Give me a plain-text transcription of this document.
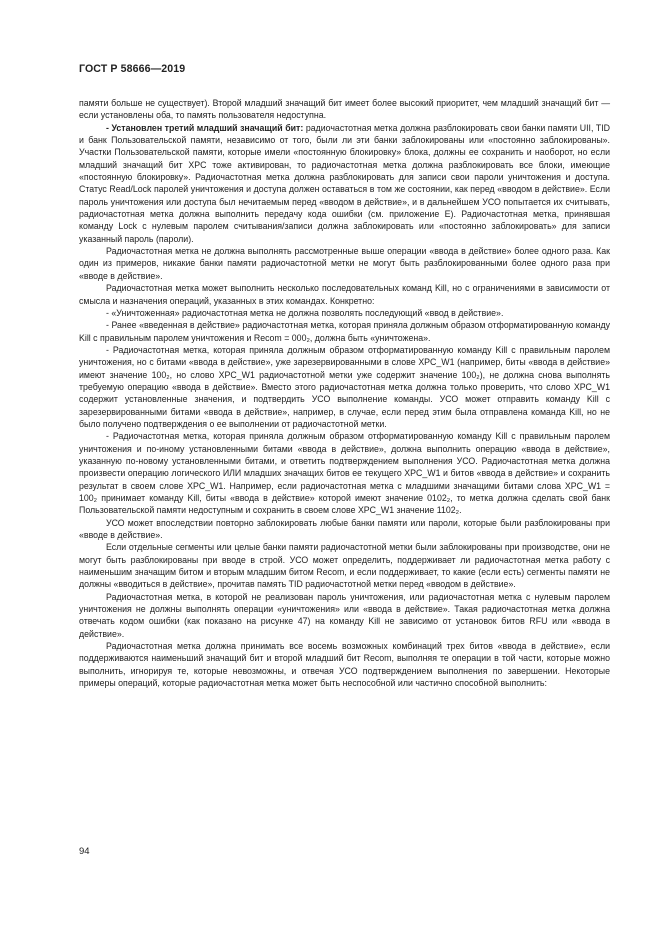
ГОСТ Р 58666—2019

памяти больше не существует). Второй младший значащий бит имеет более высокий приоритет, чем младший значащий бит — если установлены оба, то память пользователя недоступна.

- Установлен третий младший значащий бит: радиочастотная метка должна разблокировать свои банки памяти UII, TID и банк Пользовательской памяти, независимо от того, были ли эти банки заблокированы или «постоянно заблокированы». Участки Пользовательской памяти, которые имели «постоянную блокировку» блока, должны ее сохранить и наоборот, но если младший значащий бит XPC тоже активирован, то радиочастотная метка должна разблокировать все блоки, имеющие «постоянную блокировку». Радиочастотная метка должна разблокировать для записи свои пароли уничтожения и доступа. Статус Read/Lock паролей уничтожения и доступа должен оставаться в том же состоянии, как перед «вводом в действие». Если пароль уничтожения или доступа был нечитаемым перед «вводом в действие», и в дальнейшем УСО попытается их считывать, радиочастотная метка должна выполнить передачу кода ошибки (см. приложение Е). Радиочастотная метка, принявшая команду Lock с нулевым паролем считывания/записи должна заблокировать или «постоянно заблокировать» для записи указанный пароль (пароли).

Радиочастотная метка не должна выполнять рассмотренные выше операции «ввода в действие» более одного раза. Как один из примеров, никакие банки памяти радиочастотной метки не могут быть разблокированными более одного раза при «вводе в действие».

Радиочастотная метка может выполнить несколько последовательных команд Kill, но с ограничениями в зависимости от смысла и назначения операций, указанных в этих командах. Конкретно:

- «Уничтоженная» радиочастотная метка не должна позволять последующий «ввод в действие».

- Ранее «введенная в действие» радиочастотная метка, которая приняла должным образом отформатированную команду Kill с правильным паролем уничтожения и Recom = 000₂, должна быть «уничтожена».

- Радиочастотная метка, которая приняла должным образом отформатированную команду Kill с правильным паролем уничтожения, но с битами «ввода в действие», уже зарезервированными в слове XPC_W1 (например, биты «ввода в действие» имеют значение 100₂, но слово XPC_W1 радиочастотной метки уже содержит значение 100₂), не должна снова выполнять требуемую операцию «ввода в действие». Вместо этого радиочастотная метка должна только проверить, что слово XPC_W1 содержит установленные значения, и подтвердить УСО выполнение команды. УСО может отправить команду Kill с зарезервированными битами «ввода в действие», например, в случае, если перед этим была отправлена команда Kill, но не было получено подтверждения о ее выполнении от радиочастотной метки.

- Радиочастотная метка, которая приняла должным образом отформатированную команду Kill с правильным паролем уничтожения и по-иному установленными битами «ввода в действие», должна выполнить операцию «ввода в действие», указанную по-новому установленными битами, и ответить подтверждением выполнения УСО. Радиочастотная метка должна произвести операцию логического ИЛИ младших значащих битов ее текущего XPC_W1 и битов «ввода в действие» и сохранить результат в своем слове XPC_W1. Например, если радиочастотная метка с младшими значащими битами слова XPC_W1 = 100₂ принимает команду Kill, биты «ввода в действие» которой имеют значение 0102₂, то метка должна сделать свой банк Пользовательской памяти недоступным и сохранить в своем слове XPC_W1 значение 1102₂.

УСО может впоследствии повторно заблокировать любые банки памяти или пароли, которые были разблокированы при «вводе в действие».

Если отдельные сегменты или целые банки памяти радиочастотной метки были заблокированы при производстве, они не могут быть разблокированы при вводе в строй. УСО может определить, поддерживает ли радиочастотная метка работу с наименьшим значащим битом и вторым младшим битом Recom, и если поддерживает, то какие (если есть) сегменты памяти не должны «вводиться в действие», прочитав память TID радиочастотной метки перед «вводом в действие».

Радиочастотная метка, в которой не реализован пароль уничтожения, или радиочастотная метка с нулевым паролем уничтожения не должны выполнять операции «уничтожения» или «ввода в действие». Такая радиочастотная метка должна отвечать кодом ошибки (как показано на рисунке 47) на команду Kill не зависимо от установок битов RFU или «ввода в действие».

Радиочастотная метка должна принимать все восемь возможных комбинаций трех битов «ввода в действие», если поддерживаются наименьший значащий бит и второй младший бит Recom, выполняя те операции в той части, которые можно выполнить, игнорируя те, которые невозможны, и отвечая УСО подтверждением выполнения по завершении. Некоторые примеры операций, которые радиочастотная метка может быть неспособной или частично способной выполнить:

94
